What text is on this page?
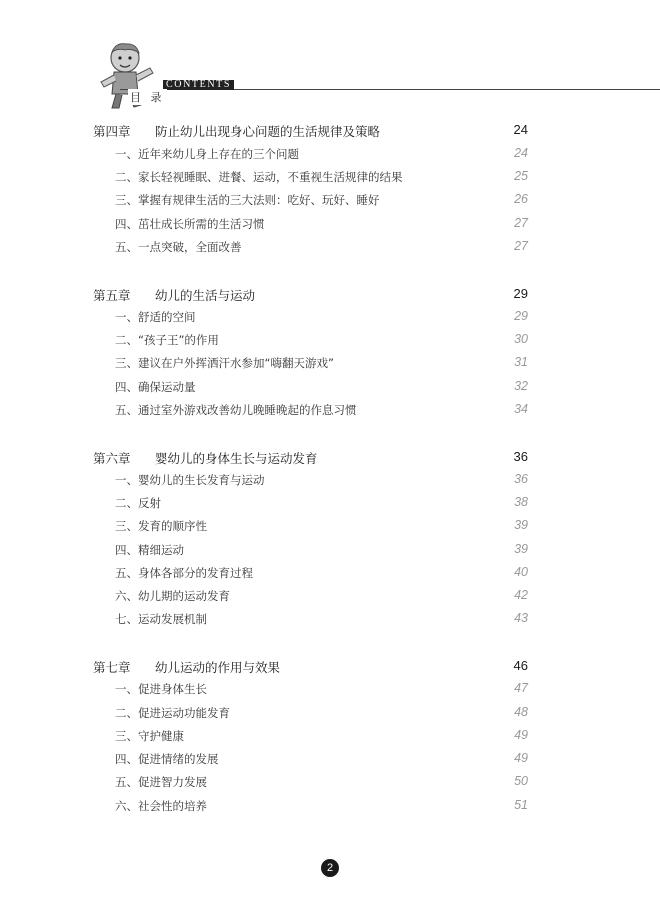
CONTENTS
目 录
第四章 防止幼儿出现身心问题的生活规律及策略	24
一、近年来幼儿身上存在的三个问题	24
二、家长轻视睡眠、进餐、运动，不重视生活规律的结果	25
三、掌握有规律生活的三大法则：吃好、玩好、睡好	26
四、茁壮成长所需的生活习惯	27
五、一点突破，全面改善	27
第五章 幼儿的生活与运动	29
一、舒适的空间	29
二、“孩子王”的作用	30
三、建议在户外挥洒汗水参加“嗨翻天游戏”	31
四、确保运动量	32
五、通过室外游戏改善幼儿晚睡晚起的作息习惯	34
第六章 婴幼儿的身体生长与运动发育	36
一、婴幼儿的生长发育与运动	36
二、反射	38
三、发育的顺序性	39
四、精细运动	39
五、身体各部分的发育过程	40
六、幼儿期的运动发育	42
七、运动发展机制	43
第七章 幼儿运动的作用与效果	46
一、促进身体生长	47
二、促进运动功能发育	48
三、守护健康	49
四、促进情绪的发展	49
五、促进智力发展	50
六、社会性的培养	51
2
